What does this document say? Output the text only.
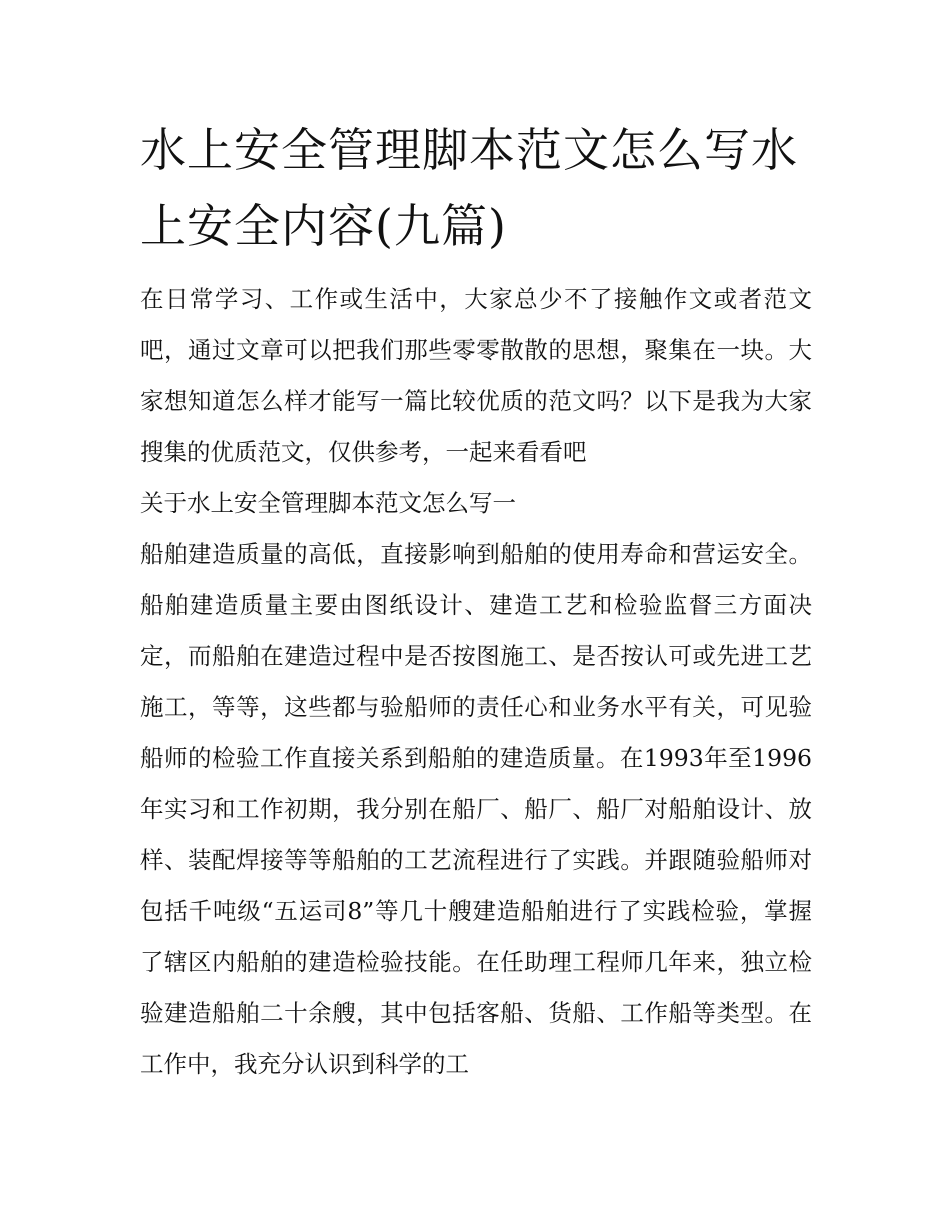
水上安全管理脚本范文怎么写水上安全内容(九篇)

在日常学习、工作或生活中，大家总少不了接触作文或者范文吧，通过文章可以把我们那些零零散散的思想，聚集在一块。大家想知道怎么样才能写一篇比较优质的范文吗？以下是我为大家搜集的优质范文，仅供参考，一起来看看吧

关于水上安全管理脚本范文怎么写一

船舶建造质量的高低，直接影响到船舶的使用寿命和营运安全。船舶建造质量主要由图纸设计、建造工艺和检验监督三方面决定，而船舶在建造过程中是否按图施工、是否按认可或先进工艺施工，等等，这些都与验船师的责任心和业务水平有关，可见验船师的检验工作直接关系到船舶的建造质量。在1993年至1996年实习和工作初期，我分别在船厂、船厂、船厂对船舶设计、放样、装配焊接等等船舶的工艺流程进行了实践。并跟随验船师对包括千吨级“五运司8”等几十艘建造船舶进行了实践检验，掌握了辖区内船舶的建造检验技能。在任助理工程师几年来，独立检验建造船舶二十余艘，其中包括客船、货船、工作船等类型。在工作中，我充分认识到科学的工
